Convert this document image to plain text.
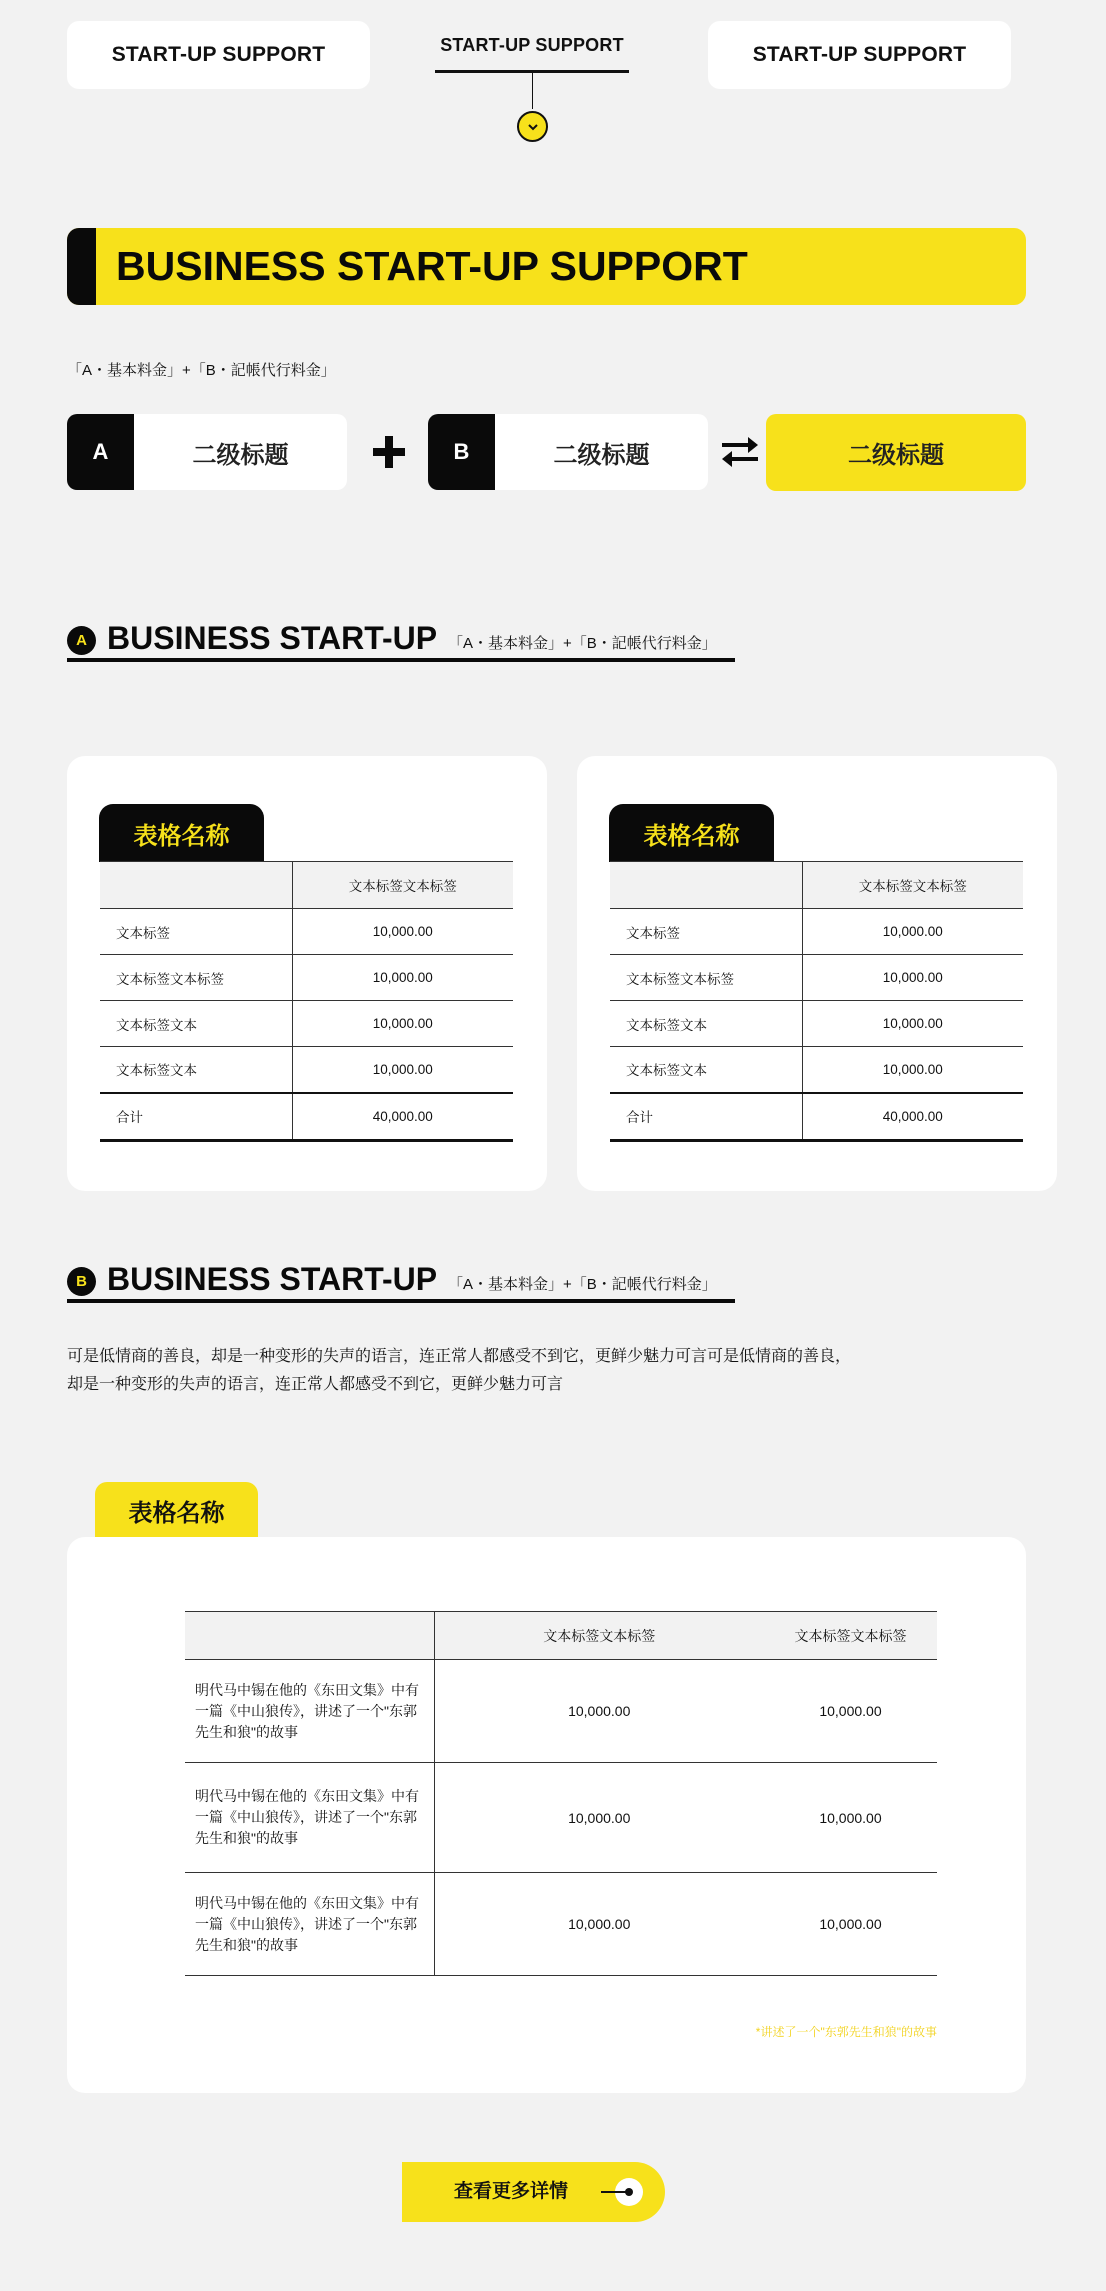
START-UP SUPPORT	START-UP SUPPORT	START-UP SUPPORT
BUSINESS START-UP SUPPORT
「A・基本料金」+「B・記帳代行料金」
A	二级标题	B	二级标题	二级标题
A BUSINESS START-UP 「A・基本料金」+「B・記帳代行料金」
表格名称
	文本标签文本标签
文本标签	10,000.00
文本标签文本标签	10,000.00
文本标签文本	10,000.00
文本标签文本	10,000.00
合计	40,000.00
表格名称
	文本标签文本标签
文本标签	10,000.00
文本标签文本标签	10,000.00
文本标签文本	10,000.00
文本标签文本	10,000.00
合计	40,000.00
B BUSINESS START-UP 「A・基本料金」+「B・記帳代行料金」
可是低情商的善良，却是一种变形的失声的语言，连正常人都感受不到它，更鲜少魅力可言可是低情商的善良，
却是一种变形的失声的语言，连正常人都感受不到它，更鲜少魅力可言
表格名称
	文本标签文本标签	文本标签文本标签
明代马中锡在他的《东田文集》中有一篇《中山狼传》，讲述了一个"东郭先生和狼"的故事	10,000.00	10,000.00
明代马中锡在他的《东田文集》中有一篇《中山狼传》，讲述了一个"东郭先生和狼"的故事	10,000.00	10,000.00
明代马中锡在他的《东田文集》中有一篇《中山狼传》，讲述了一个"东郭先生和狼"的故事	10,000.00	10,000.00
*讲述了一个"东郭先生和狼"的故事
查看更多详情
